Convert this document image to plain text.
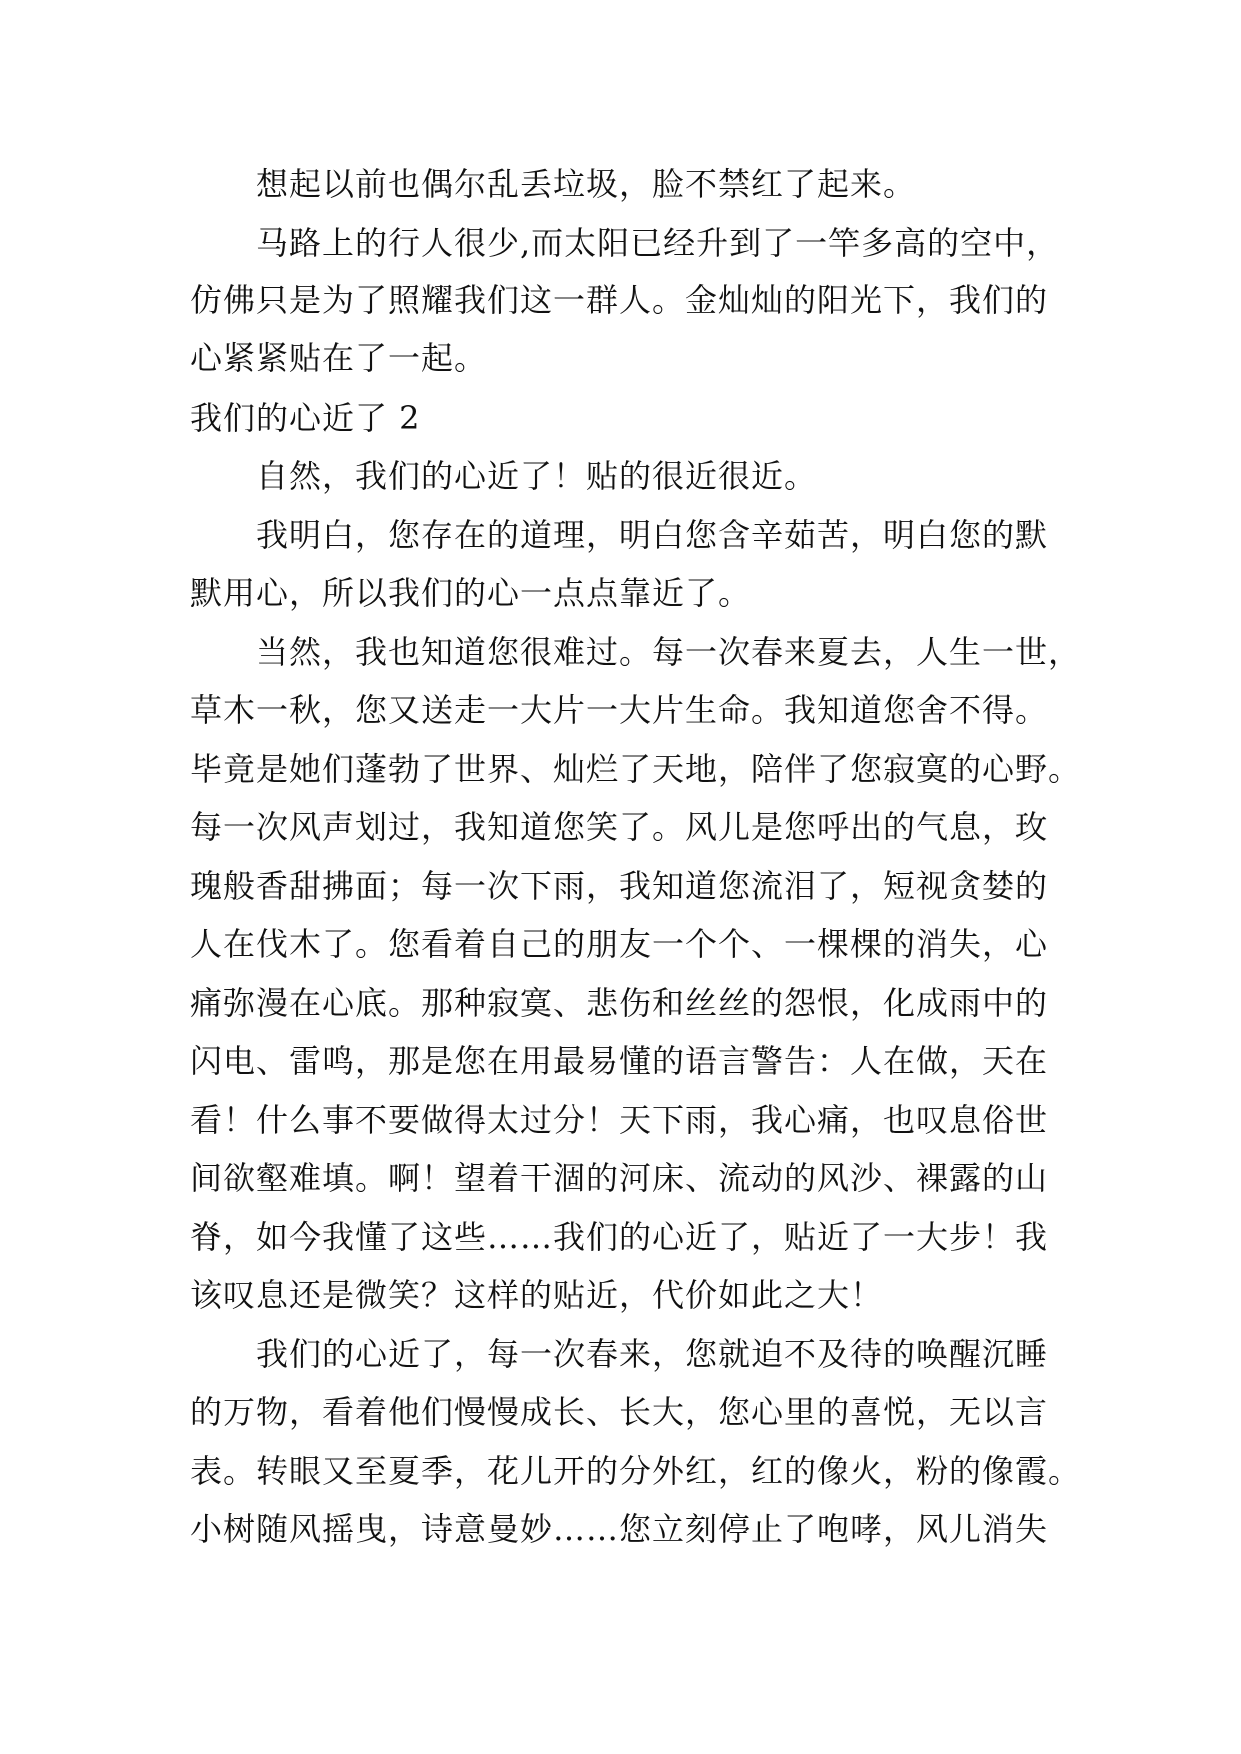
想起以前也偶尔乱丢垃圾，脸不禁红了起来。
马路上的行人很少,而太阳已经升到了一竿多高的空中，
仿佛只是为了照耀我们这一群人。金灿灿的阳光下，我们的
心紧紧贴在了一起。
我们的心近了 2
自然，我们的心近了！贴的很近很近。
我明白，您存在的道理，明白您含辛茹苦，明白您的默
默用心，所以我们的心一点点靠近了。
当然，我也知道您很难过。每一次春来夏去，人生一世，
草木一秋，您又送走一大片一大片生命。我知道您舍不得。
毕竟是她们蓬勃了世界、灿烂了天地，陪伴了您寂寞的心野。
每一次风声划过，我知道您笑了。风儿是您呼出的气息，玫
瑰般香甜拂面；每一次下雨，我知道您流泪了，短视贪婪的
人在伐木了。您看着自己的朋友一个个、一棵棵的消失，心
痛弥漫在心底。那种寂寞、悲伤和丝丝的怨恨，化成雨中的
闪电、雷鸣，那是您在用最易懂的语言警告：人在做，天在
看！什么事不要做得太过分！天下雨，我心痛，也叹息俗世
间欲壑难填。啊！望着干涸的河床、流动的风沙、裸露的山
脊，如今我懂了这些……我们的心近了，贴近了一大步！我
该叹息还是微笑？这样的贴近，代价如此之大！
我们的心近了，每一次春来，您就迫不及待的唤醒沉睡
的万物，看着他们慢慢成长、长大，您心里的喜悦，无以言
表。转眼又至夏季，花儿开的分外红，红的像火，粉的像霞。
小树随风摇曳，诗意曼妙……您立刻停止了咆哮，风儿消失
